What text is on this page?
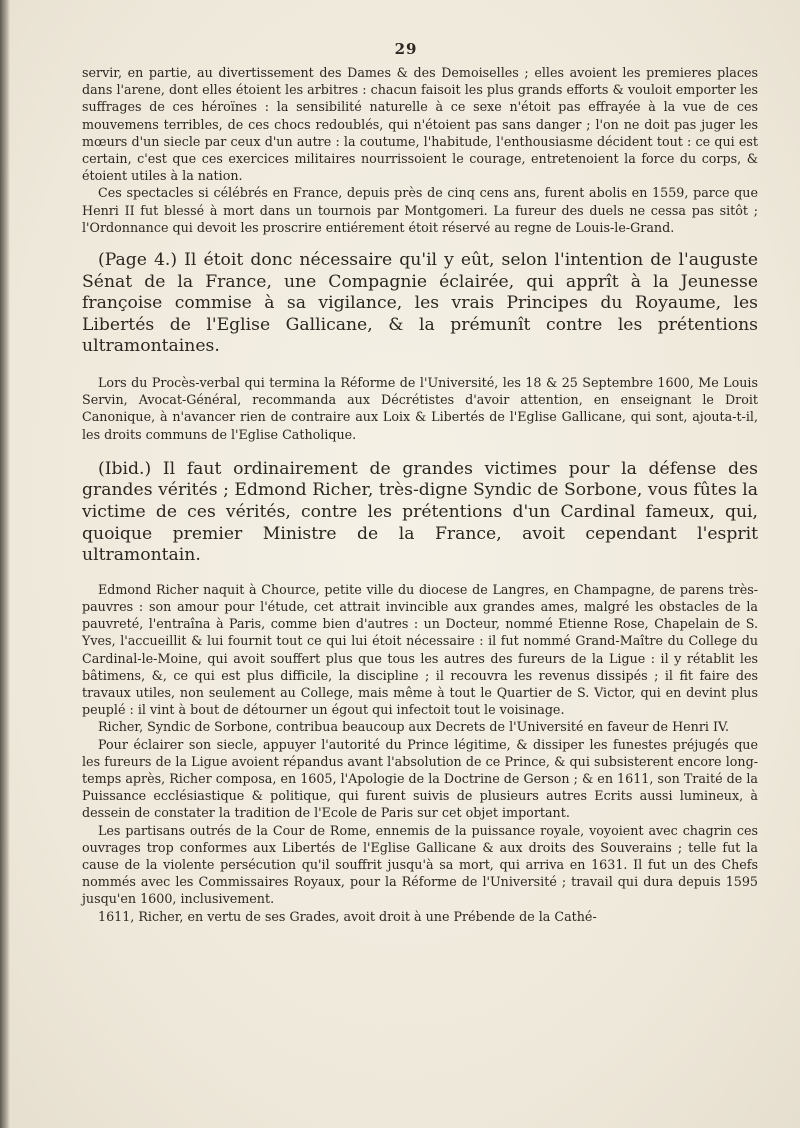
29

servir, en partie, au divertissement des Dames & des Demoiselles ; elles avoient les premieres places dans l'arene, dont elles étoient les arbitres : chacun faisoit les plus grands efforts & vouloit emporter les suffrages de ces héroïnes : la sensibilité naturelle à ce sexe n'étoit pas effrayée à la vue de ces mouvemens terribles, de ces chocs redoublés, qui n'étoient pas sans danger ; l'on ne doit pas juger les mœurs d'un siecle par ceux d'un autre : la coutume, l'habitude, l'enthousiasme décident tout : ce qui est certain, c'est que ces exercices militaires nourrissoient le courage, entretenoient la force du corps, & étoient utiles à la nation.

Ces spectacles si célébrés en France, depuis près de cinq cens ans, furent abolis en 1559, parce que Henri II fut blessé à mort dans un tournois par Montgomeri. La fureur des duels ne cessa pas sitôt ; l'Ordonnance qui devoit les proscrire entiérement étoit réservé au regne de Louis-le-Grand.

(Page 4.) Il étoit donc nécessaire qu'il y eût, selon l'intention de l'auguste Sénat de la France, une Compagnie éclairée, qui apprît à la Jeunesse françoise commise à sa vigilance, les vrais Principes du Royaume, les Libertés de l'Eglise Gallicane, & la prémunît contre les prétentions ultramontaines.

Lors du Procès-verbal qui termina la Réforme de l'Université, les 18 & 25 Septembre 1600, Me Louis Servin, Avocat-Général, recommanda aux Décrétistes d'avoir attention, en enseignant le Droit Canonique, à n'avancer rien de contraire aux Loix & Libertés de l'Eglise Gallicane, qui sont, ajouta-t-il, les droits communs de l'Eglise Catholique.

(Ibid.) Il faut ordinairement de grandes victimes pour la défense des grandes vérités ; Edmond Richer, très-digne Syndic de Sorbone, vous fûtes la victime de ces vérités, contre les prétentions d'un Cardinal fameux, qui, quoique premier Ministre de la France, avoit cependant l'esprit ultramontain.

Edmond Richer naquit à Chource, petite ville du diocese de Langres, en Champagne, de parens très-pauvres : son amour pour l'étude, cet attrait invincible aux grandes ames, malgré les obstacles de la pauvreté, l'entraîna à Paris, comme bien d'autres : un Docteur, nommé Etienne Rose, Chapelain de S. Yves, l'accueillit & lui fournit tout ce qui lui étoit nécessaire : il fut nommé Grand-Maître du College du Cardinal-le-Moine, qui avoit souffert plus que tous les autres des fureurs de la Ligue : il y rétablit les bâtimens, &, ce qui est plus difficile, la discipline ; il recouvra les revenus dissipés ; il fit faire des travaux utiles, non seulement au College, mais même à tout le Quartier de S. Victor, qui en devint plus peuplé : il vint à bout de détourner un égout qui infectoit tout le voisinage.

Richer, Syndic de Sorbone, contribua beaucoup aux Decrets de l'Université en faveur de Henri IV.

Pour éclairer son siecle, appuyer l'autorité du Prince légitime, & dissiper les funestes préjugés que les fureurs de la Ligue avoient répandus avant l'absolution de ce Prince, & qui subsisterent encore long-temps après, Richer composa, en 1605, l'Apologie de la Doctrine de Gerson ; & en 1611, son Traité de la Puissance ecclésiastique & politique, qui furent suivis de plusieurs autres Ecrits aussi lumineux, à dessein de constater la tradition de l'Ecole de Paris sur cet objet important.

Les partisans outrés de la Cour de Rome, ennemis de la puissance royale, voyoient avec chagrin ces ouvrages trop conformes aux Libertés de l'Eglise Gallicane & aux droits des Souverains ; telle fut la cause de la violente persécution qu'il souffrit jusqu'à sa mort, qui arriva en 1631. Il fut un des Chefs nommés avec les Commissaires Royaux, pour la Réforme de l'Université ; travail qui dura depuis 1595 jusqu'en 1600, inclusivement.

1611, Richer, en vertu de ses Grades, avoit droit à une Prébende de la Cathé-
